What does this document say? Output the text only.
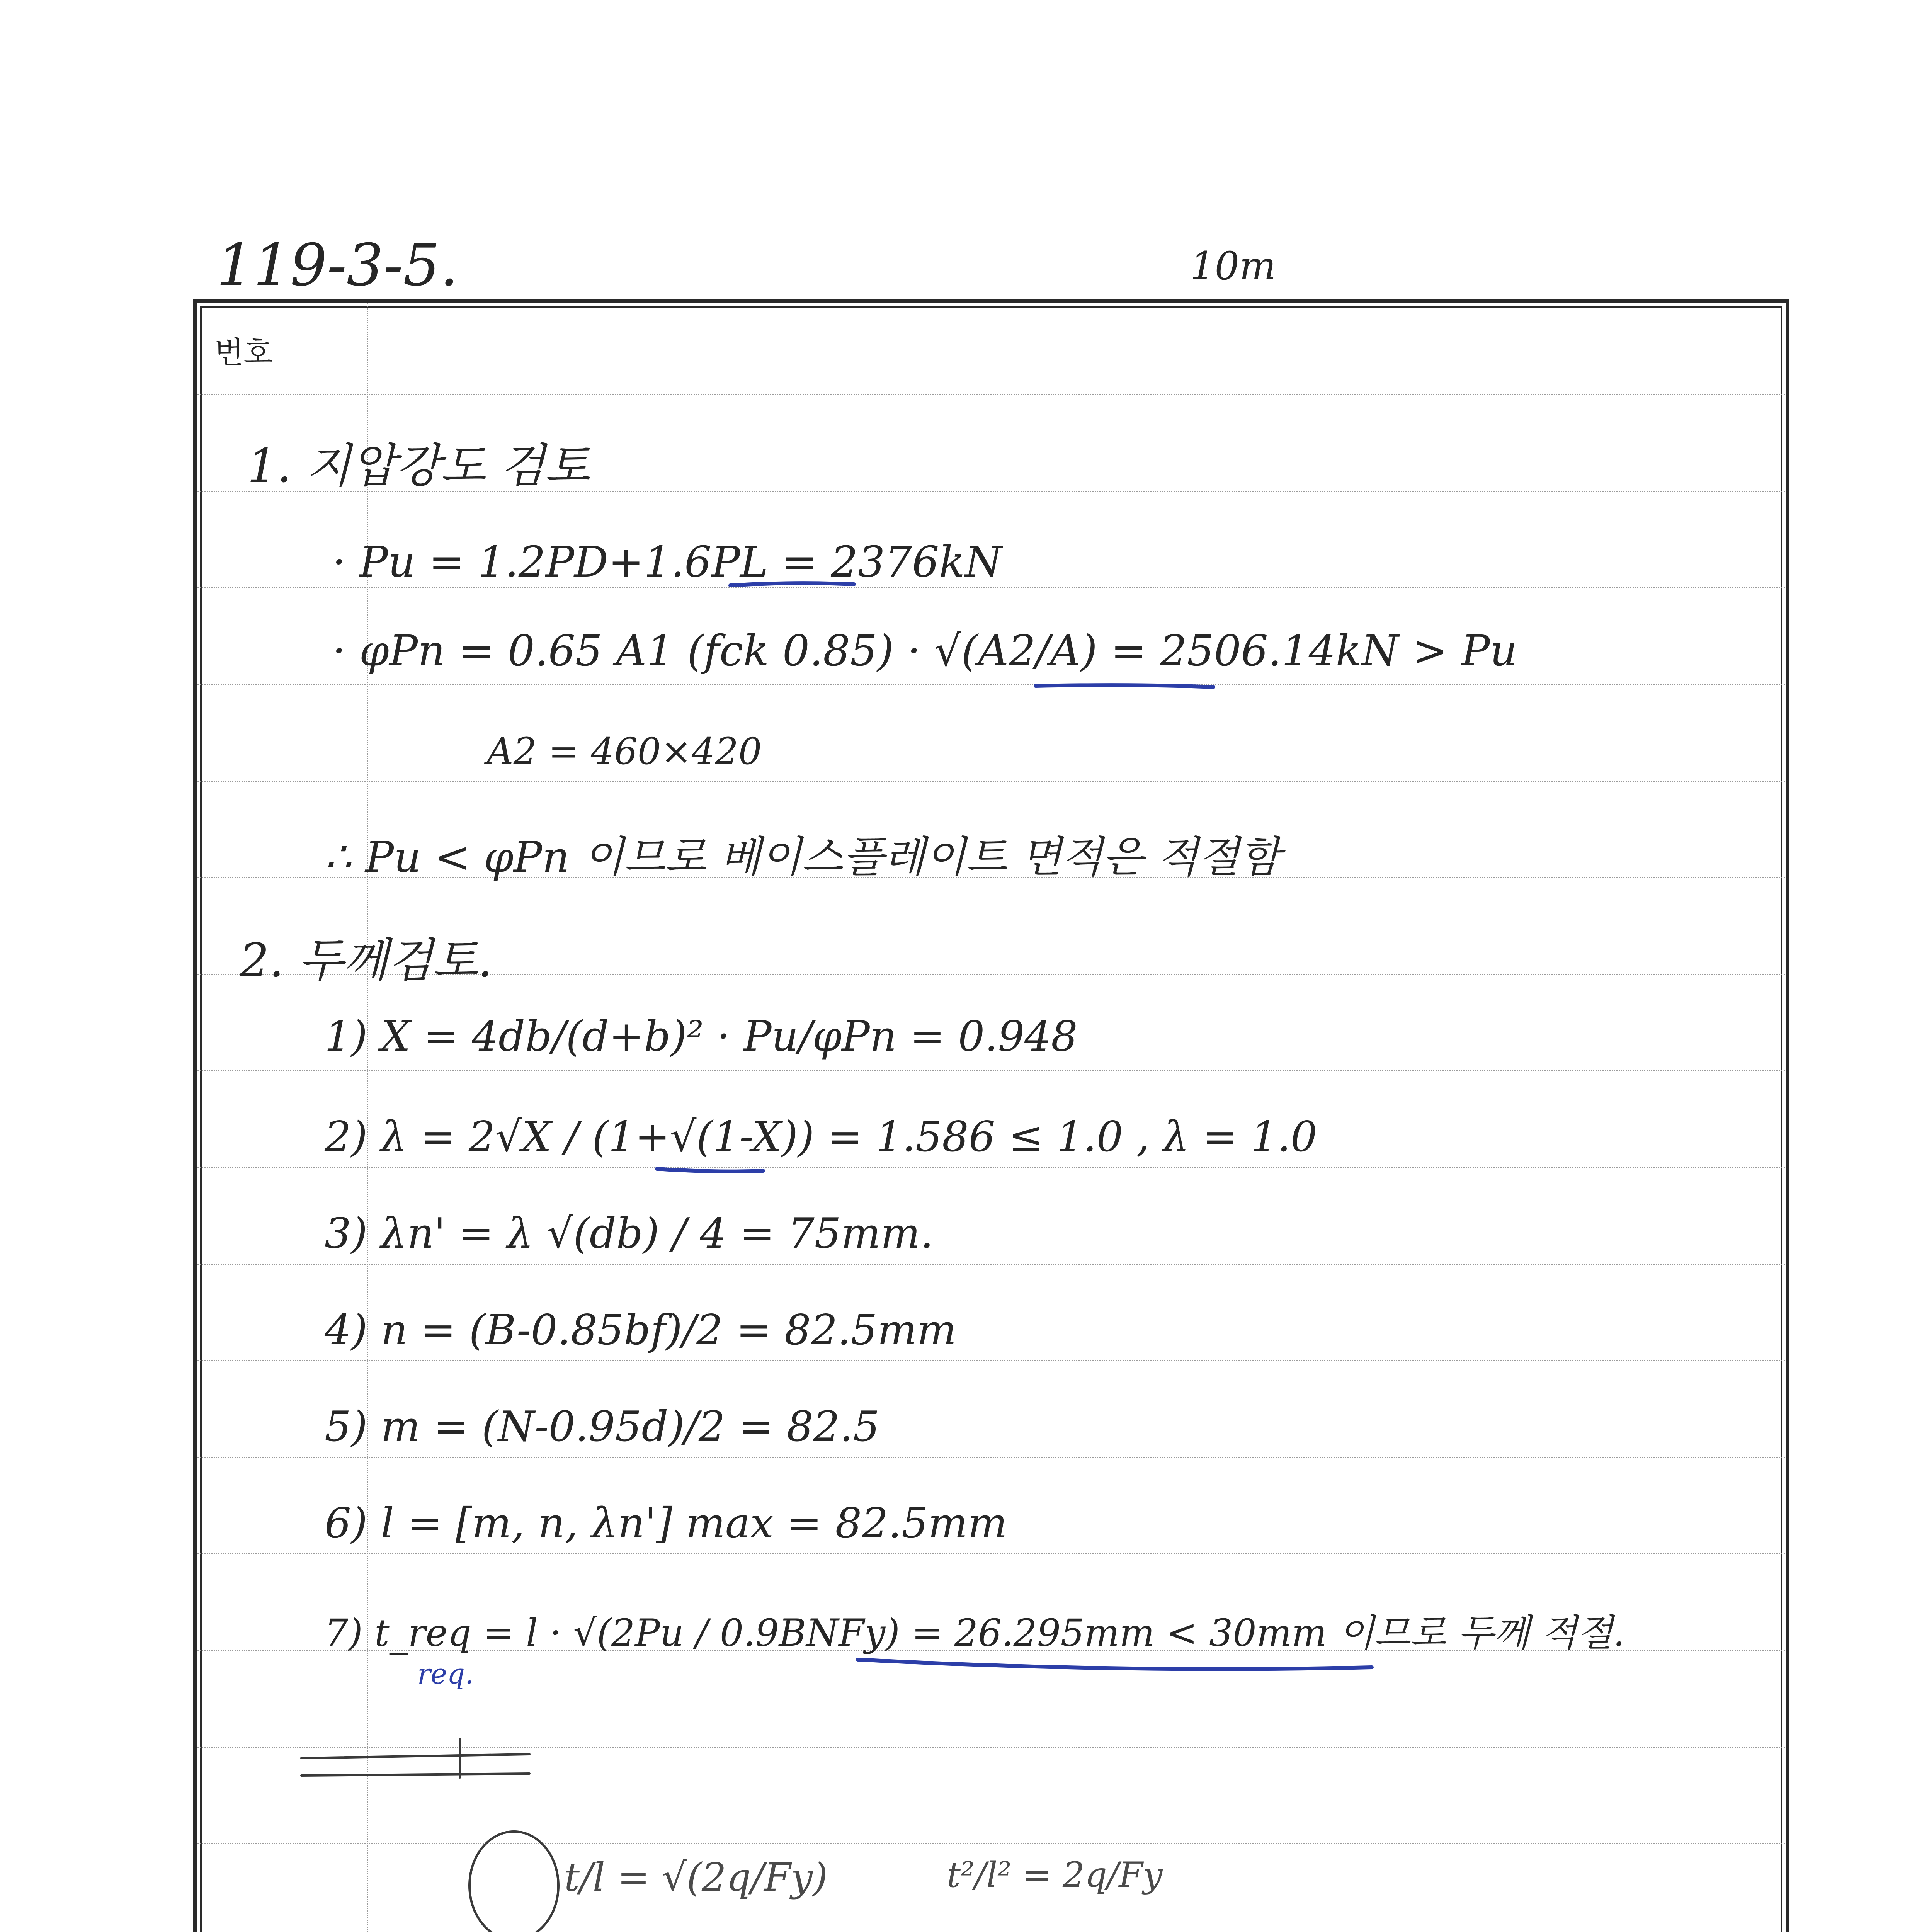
119-3-5.	10m
번호
1. 지압강도 검토
· Pu = 1.2PD+1.6PL = 2376kN
· φPn = 0.65 A1 (fck 0.85) · √(A2/A) = 2506.14kN > Pu
A2 = 460×420
∴ Pu < φPn 이므로 베이스플레이트 면적은 적절함
2. 두께검토.
1) X = 4db/(d+b)² · Pu/φPn = 0.948
2) λ = 2√X / (1+√(1-X)) = 1.586 ≤ 1.0 , λ = 1.0
3) λn' = λ √(db) / 4 = 75mm.
4) n = (B-0.85bf)/2 = 82.5mm
5) m = (N-0.95d)/2 = 82.5
6) l = [m, n, λn'] max = 82.5mm
7) t_req = l · √(2Pu / 0.9BNFy) = 26.295mm < 30mm 이므로 두께 적절.
req.
t/l = √(2q/Fy)	t²/l² = 2q/Fy
